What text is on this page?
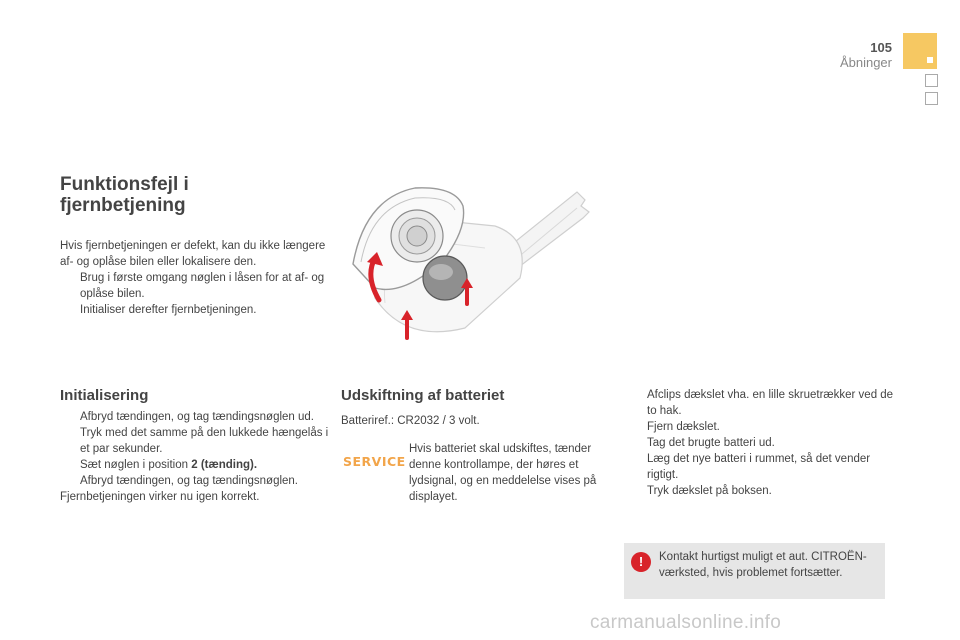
105
Åbninger
Funktionsfejl i fjernbetjening
Hvis fjernbetjeningen er defekt, kan du ikke længere af- og oplåse bilen eller lokalisere den.
Brug i første omgang nøglen i låsen for at af- og oplåse bilen.
Initialiser derefter fjernbetjeningen.
Initialisering
Afbryd tændingen, og tag tændingsnøglen ud.
Tryk med det samme på den lukkede hængelås i et par sekunder.
Sæt nøglen i position 2 (tænding).
Afbryd tændingen, og tag tændingsnøglen.
Fjernbetjeningen virker nu igen korrekt.
Udskiftning af batteriet
Batteriref.: CR2032 / 3 volt.
SERVICE
Hvis batteriet skal udskiftes, tænder denne kontrollampe, der høres et lydsignal, og en meddelelse vises på displayet.
Afclips dækslet vha. en lille skruetrækker ved de to hak.
Fjern dækslet.
Tag det brugte batteri ud.
Læg det nye batteri i rummet, så det vender rigtigt.
Tryk dækslet på boksen.
!	Kontakt hurtigst muligt et aut. CITROËN-værksted, hvis problemet fortsætter.
carmanualsonline.info
